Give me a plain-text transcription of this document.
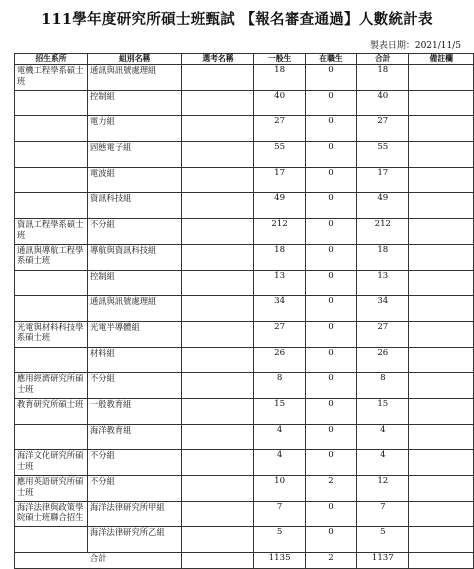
111學年度研究所碩士班甄試 【報名審查通過】人數統計表
製表日期：2021/11/5
招生系所	組別名稱	選考名稱	一般生	在職生	合計	備註欄
電機工程學系碩士班	通訊與訊號處理組		18	0	18	
	控制組		40	0	40	
	電力組		27	0	27	
	固態電子組		55	0	55	
	電波組		17	0	17	
	資訊科技組		49	0	49	
資訊工程學系碩士班	不分組		212	0	212	
通訊與導航工程學系碩士班	導航與資訊科技組		18	0	18	
	控制組		13	0	13	
	通訊與訊號處理組		34	0	34	
光電與材料科技學系碩士班	光電半導體組		27	0	27	
	材料組		26	0	26	
應用經濟研究所碩士班	不分組		8	0	8	
教育研究所碩士班	一般教育組		15	0	15	
	海洋教育組		4	0	4	
海洋文化研究所碩士班	不分組		4	0	4	
應用英語研究所碩士班	不分組		10	2	12	
海洋法律與政策學院碩士班聯合招生	海洋法律研究所甲組		7	0	7	
	海洋法律研究所乙組		5	0	5	
合計			1135	2	1137	
